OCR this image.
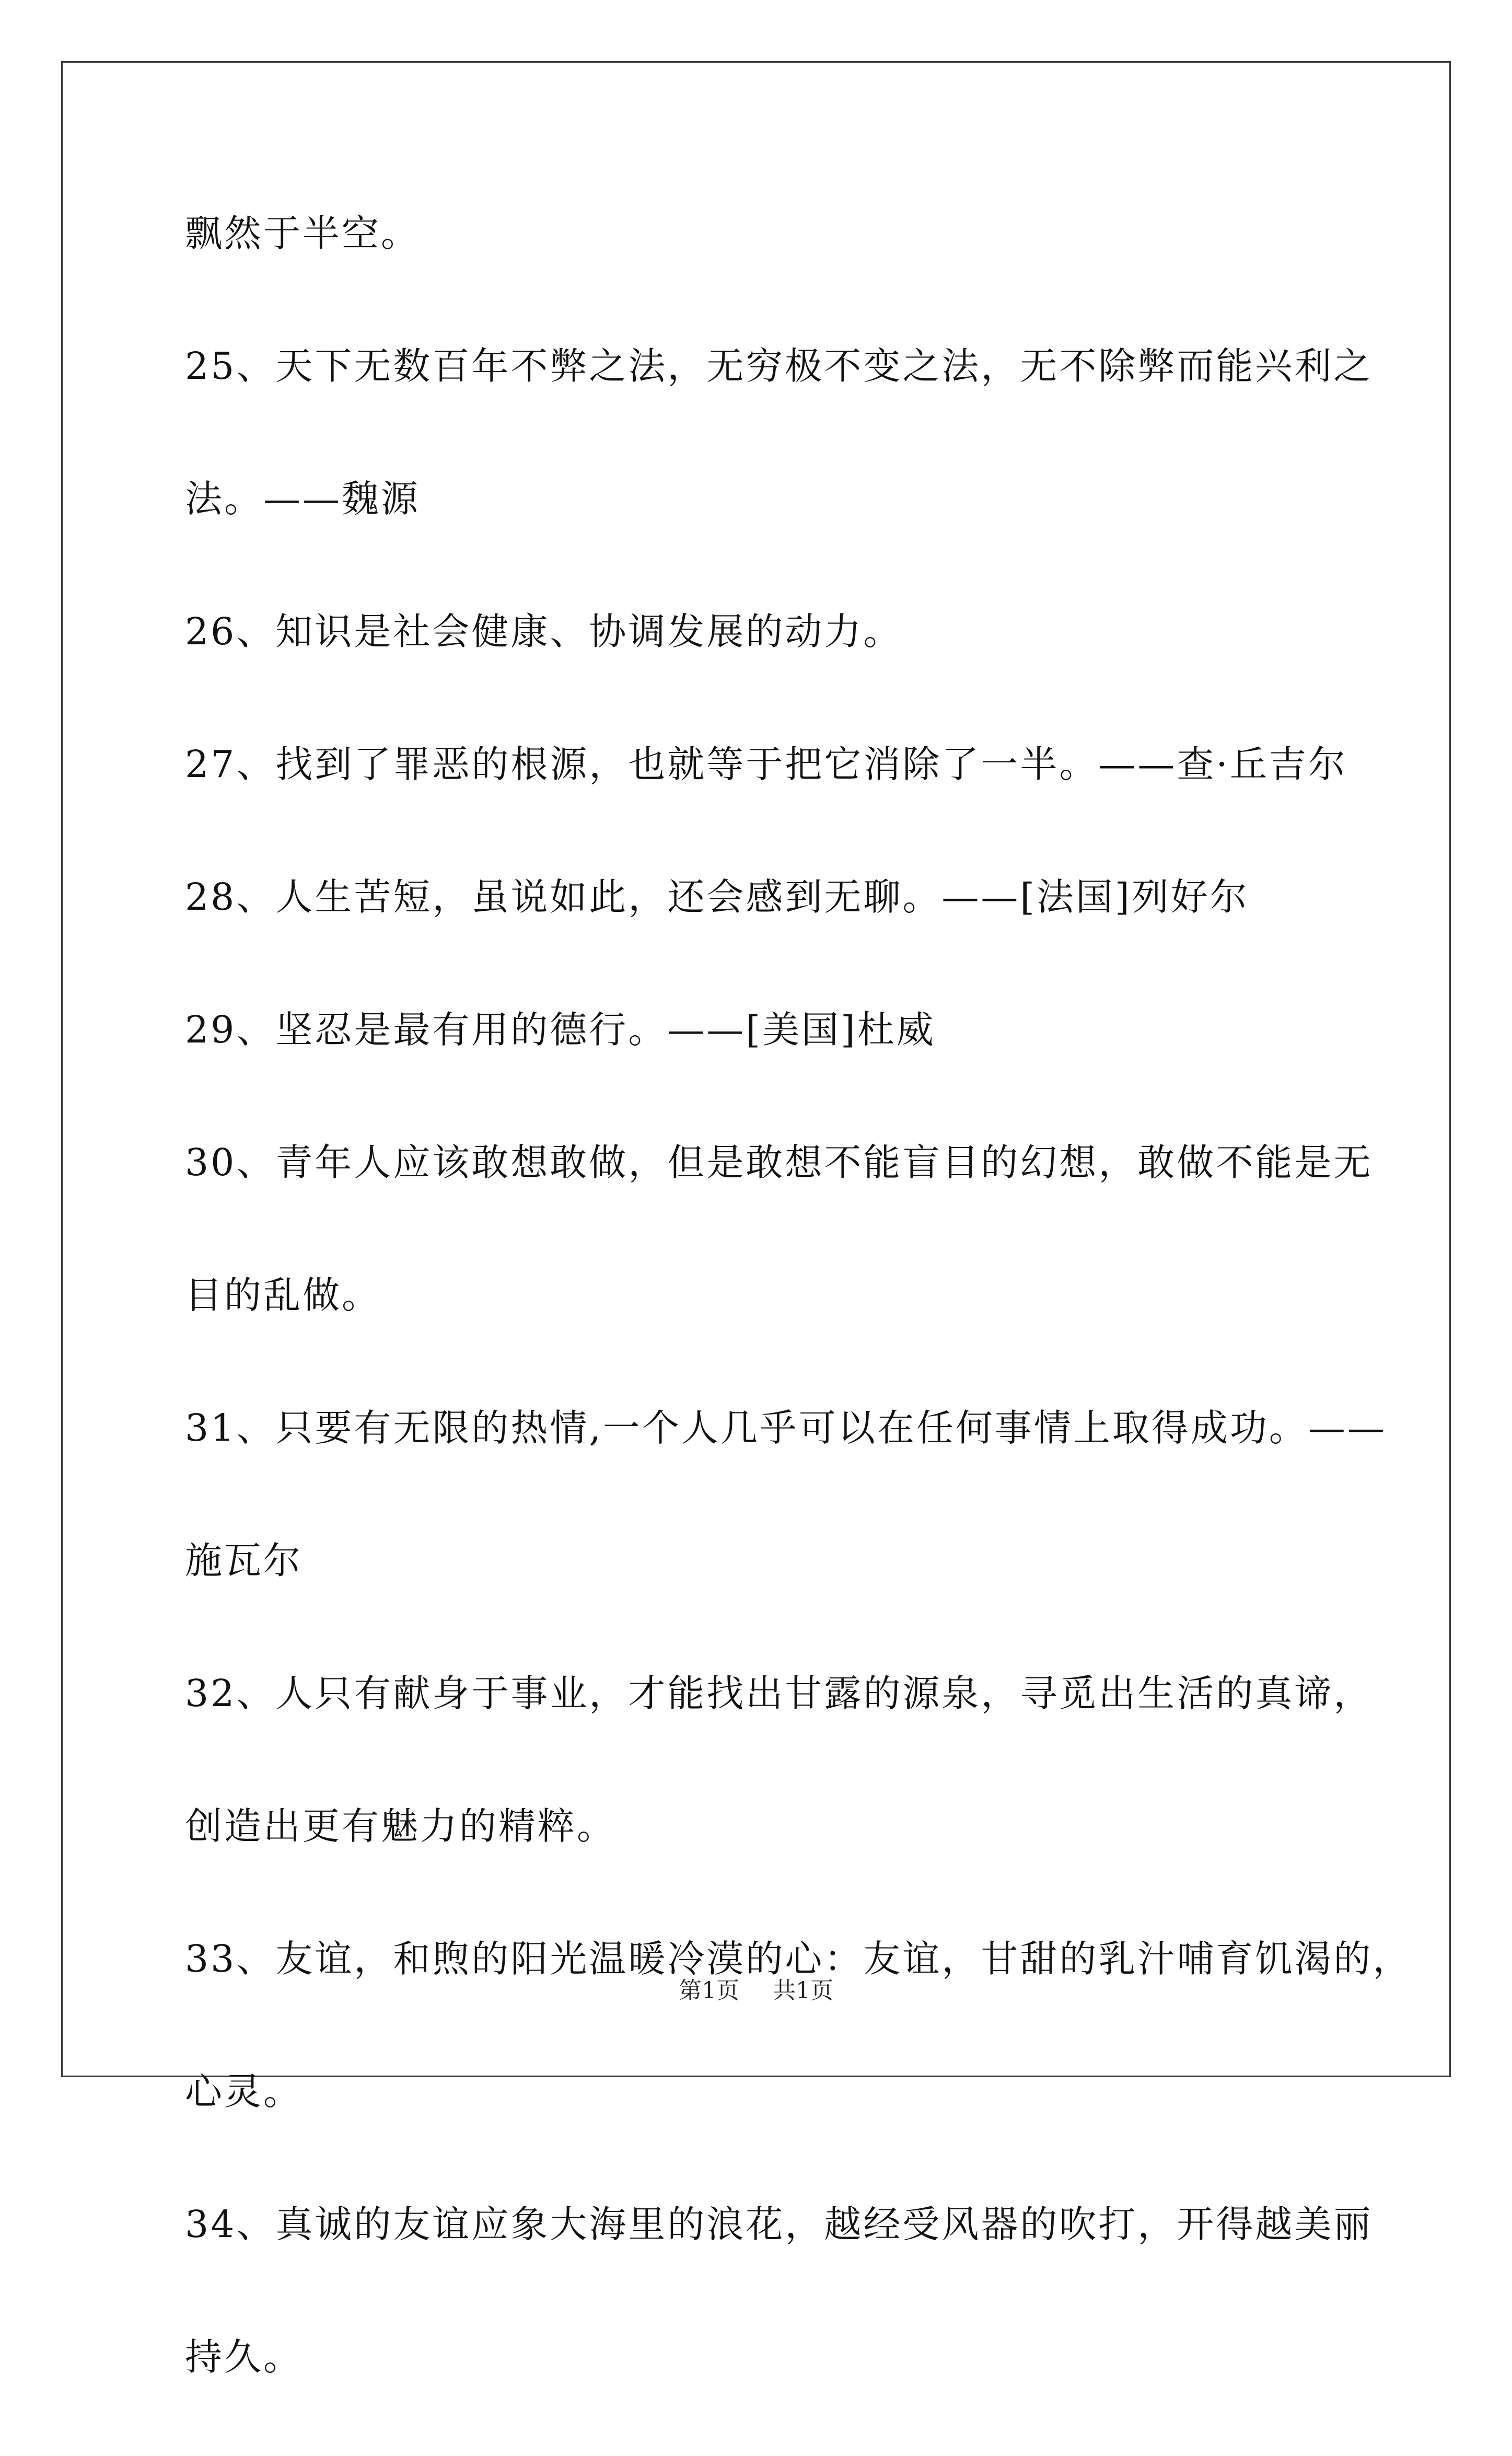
飘然于半空。
25、天下无数百年不弊之法，无穷极不变之法，无不除弊而能兴利之
法。——魏源
26、知识是社会健康、协调发展的动力。
27、找到了罪恶的根源，也就等于把它消除了一半。——查·丘吉尔
28、人生苦短，虽说如此，还会感到无聊。——[法国]列好尔
29、坚忍是最有用的德行。——[美国]杜威
30、青年人应该敢想敢做，但是敢想不能盲目的幻想，敢做不能是无
目的乱做。
31、只要有无限的热情,一个人几乎可以在任何事情上取得成功。——
施瓦尔
32、人只有献身于事业，才能找出甘露的源泉，寻觅出生活的真谛，
创造出更有魅力的精粹。
33、友谊，和煦的阳光温暖冷漠的心：友谊，甘甜的乳汁哺育饥渴的，
心灵。
34、真诚的友谊应象大海里的浪花，越经受风器的吹打，开得越美丽
持久。
第1页 共1页
